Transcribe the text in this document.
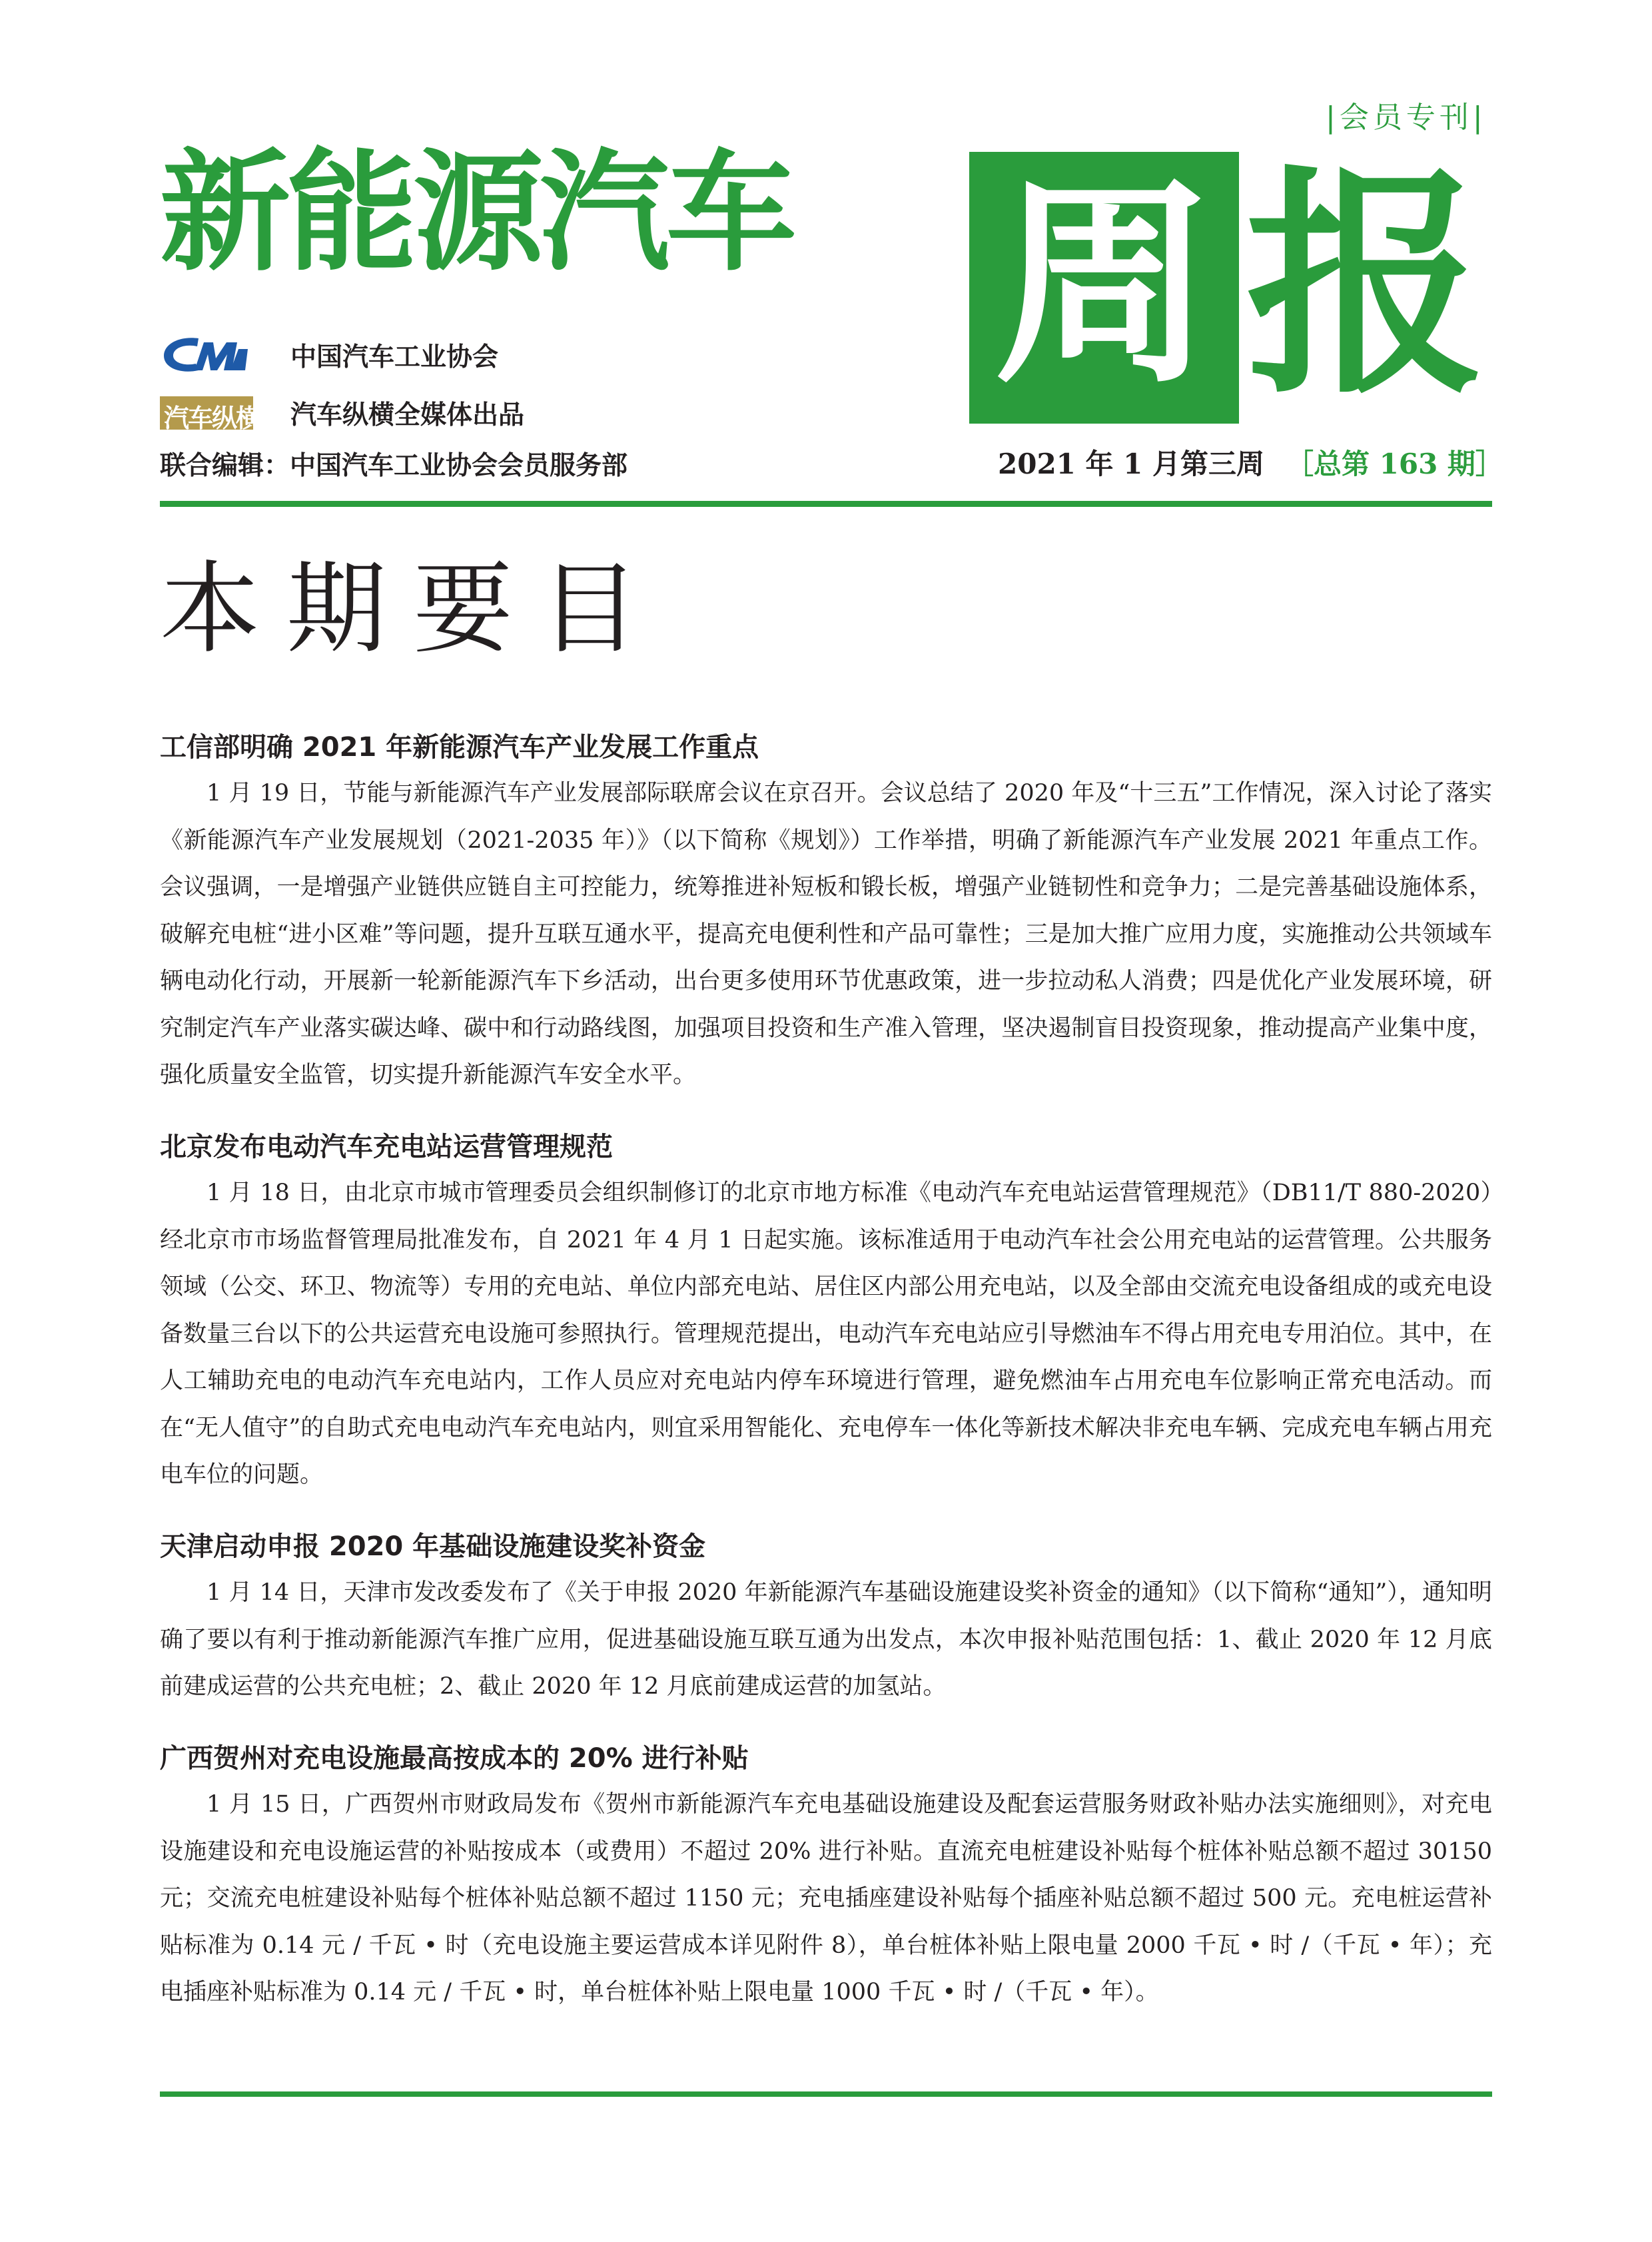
|会员专刊|
新能源汽车 周 报
中国汽车工业协会
汽车纵横 汽车纵横全媒体出品
联合编辑：中国汽车工业协会会员服务部	2021 年 1 月第三周 ［总第 163 期］
本期要目
工信部明确 2021 年新能源汽车产业发展工作重点

1 月 19 日，节能与新能源汽车产业发展部际联席会议在京召开。会议总结了 2020 年及“十三五”工作情况，深入讨论了落实《新能源汽车产业发展规划（2021-2035 年）》（以下简称《规划》）工作举措，明确了新能源汽车产业发展 2021 年重点工作。会议强调，一是增强产业链供应链自主可控能力，统筹推进补短板和锻长板，增强产业链韧性和竞争力；二是完善基础设施体系，破解充电桩“进小区难”等问题，提升互联互通水平，提高充电便利性和产品可靠性；三是加大推广应用力度，实施推动公共领域车辆电动化行动，开展新一轮新能源汽车下乡活动，出台更多使用环节优惠政策，进一步拉动私人消费；四是优化产业发展环境，研究制定汽车产业落实碳达峰、碳中和行动路线图，加强项目投资和生产准入管理，坚决遏制盲目投资现象，推动提高产业集中度，强化质量安全监管，切实提升新能源汽车安全水平。

北京发布电动汽车充电站运营管理规范

1 月 18 日，由北京市城市管理委员会组织制修订的北京市地方标准《电动汽车充电站运营管理规范》（DB11/T 880-2020）经北京市市场监督管理局批准发布，自 2021 年 4 月 1 日起实施。该标准适用于电动汽车社会公用充电站的运营管理。公共服务领域（公交、环卫、物流等）专用的充电站、单位内部充电站、居住区内部公用充电站，以及全部由交流充电设备组成的或充电设备数量三台以下的公共运营充电设施可参照执行。管理规范提出，电动汽车充电站应引导燃油车不得占用充电专用泊位。其中，在人工辅助充电的电动汽车充电站内，工作人员应对充电站内停车环境进行管理，避免燃油车占用充电车位影响正常充电活动。而在“无人值守”的自助式充电电动汽车充电站内，则宜采用智能化、充电停车一体化等新技术解决非充电车辆、完成充电车辆占用充电车位的问题。

天津启动申报 2020 年基础设施建设奖补资金

1 月 14 日，天津市发改委发布了《关于申报 2020 年新能源汽车基础设施建设奖补资金的通知》（以下简称“通知”），通知明确了要以有利于推动新能源汽车推广应用，促进基础设施互联互通为出发点，本次申报补贴范围包括：1、截止 2020 年 12 月底前建成运营的公共充电桩；2、截止 2020 年 12 月底前建成运营的加氢站。

广西贺州对充电设施最高按成本的 20% 进行补贴

1 月 15 日，广西贺州市财政局发布《贺州市新能源汽车充电基础设施建设及配套运营服务财政补贴办法实施细则》，对充电设施建设和充电设施运营的补贴按成本（或费用）不超过 20% 进行补贴。直流充电桩建设补贴每个桩体补贴总额不超过 30150 元；交流充电桩建设补贴每个桩体补贴总额不超过 1150 元；充电插座建设补贴每个插座补贴总额不超过 500 元。充电桩运营补贴标准为 0.14 元 / 千瓦 • 时（充电设施主要运营成本详见附件 8），单台桩体补贴上限电量 2000 千瓦 • 时 /（千瓦 • 年）；充电插座补贴标准为 0.14 元 / 千瓦 • 时，单台桩体补贴上限电量 1000 千瓦 • 时 /（千瓦 • 年）。
